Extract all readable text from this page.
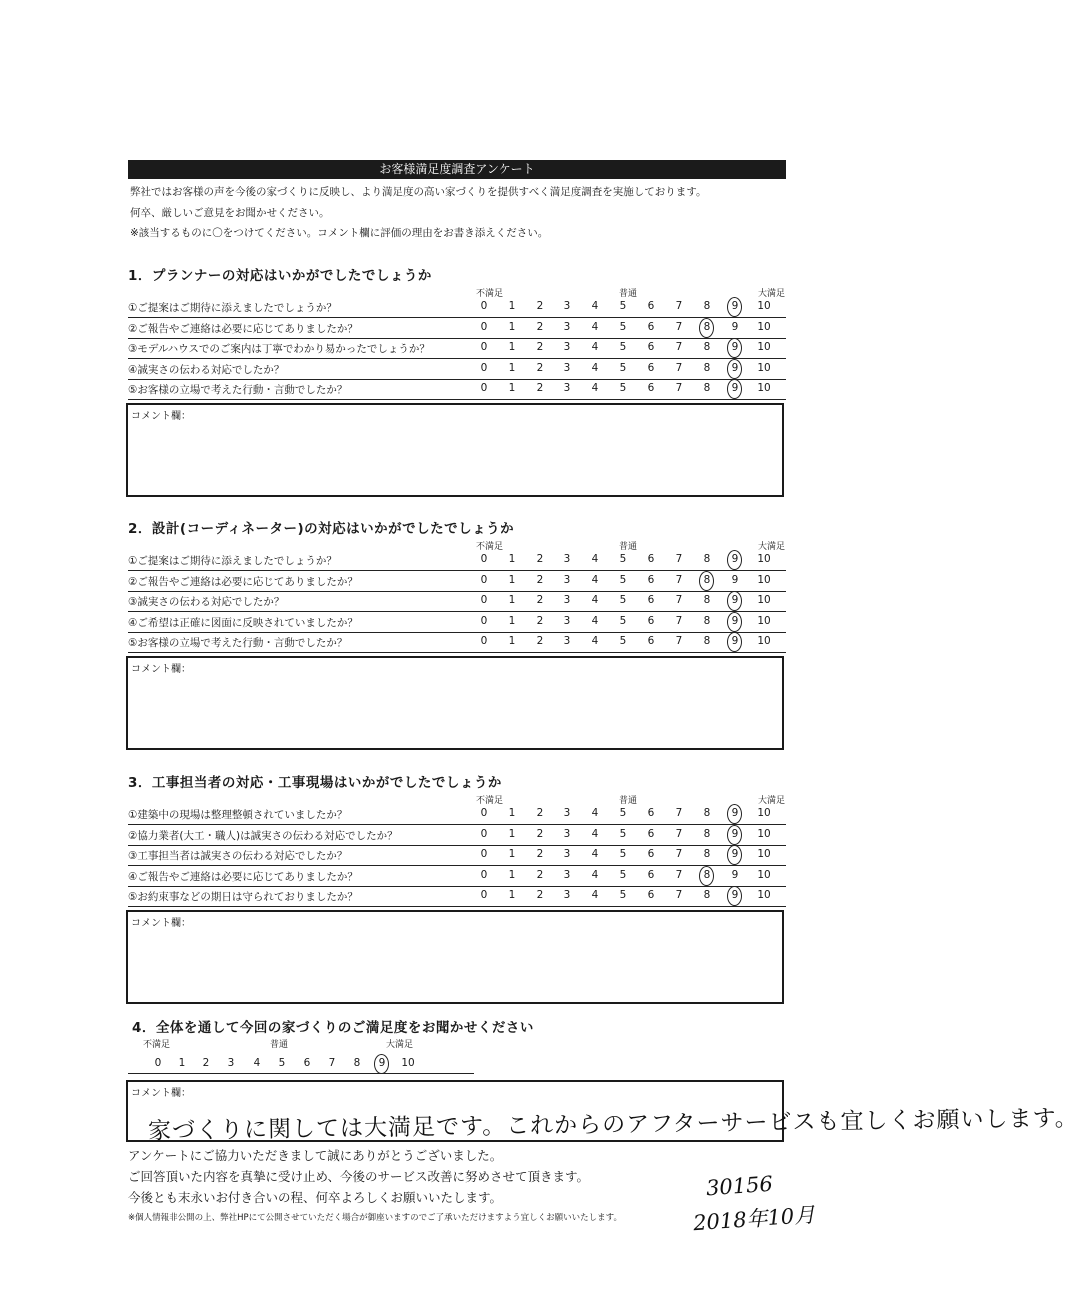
お客様満足度調査アンケート
弊社ではお客様の声を今後の家づくりに反映し、より満足度の高い家づくりを提供すべく満足度調査を実施しております。
何卒、厳しいご意見をお聞かせください。
※該当するものに〇をつけてください。コメント欄に評価の理由をお書き添えください。
1．プランナーの対応はいかがでしたでしょうか
不満足	普通	大満足
①ご提案はご期待に添えましたでしょうか？	0	1	2	3	4	5	6	7	8	9	10
②ご報告やご連絡は必要に応じてありましたか？	0	1	2	3	4	5	6	7	8	9	10
③モデルハウスでのご案内は丁寧でわかり易かったでしょうか？	0	1	2	3	4	5	6	7	8	9	10
④誠実さの伝わる対応でしたか？	0	1	2	3	4	5	6	7	8	9	10
⑤お客様の立場で考えた行動・言動でしたか？	0	1	2	3	4	5	6	7	8	9	10
コメント欄：
2．設計(コーディネーター)の対応はいかがでしたでしょうか
不満足	普通	大満足
①ご提案はご期待に添えましたでしょうか？	0	1	2	3	4	5	6	7	8	9	10
②ご報告やご連絡は必要に応じてありましたか？	0	1	2	3	4	5	6	7	8	9	10
③誠実さの伝わる対応でしたか？	0	1	2	3	4	5	6	7	8	9	10
④ご希望は正確に図面に反映されていましたか？	0	1	2	3	4	5	6	7	8	9	10
⑤お客様の立場で考えた行動・言動でしたか？	0	1	2	3	4	5	6	7	8	9	10
コメント欄：
3．工事担当者の対応・工事現場はいかがでしたでしょうか
不満足	普通	大満足
①建築中の現場は整理整頓されていましたか？	0	1	2	3	4	5	6	7	8	9	10
②協力業者(大工・職人)は誠実さの伝わる対応でしたか？	0	1	2	3	4	5	6	7	8	9	10
③工事担当者は誠実さの伝わる対応でしたか？	0	1	2	3	4	5	6	7	8	9	10
④ご報告やご連絡は必要に応じてありましたか？	0	1	2	3	4	5	6	7	8	9	10
⑤お約束事などの期日は守られておりましたか？	0	1	2	3	4	5	6	7	8	9	10
コメント欄：
4．全体を通して今回の家づくりのご満足度をお聞かせください
不満足	普通	大満足
0	1	2	3	4	5	6	7	8	9	10
コメント欄：
家づくりに関しては大満足です。これからのアフターサービスも宜しくお願いします。
アンケートにご協力いただきまして誠にありがとうございました。
ご回答頂いた内容を真摯に受け止め、今後のサービス改善に努めさせて頂きます。
今後とも末永いお付き合いの程、何卒よろしくお願いいたします。
※個人情報非公開の上、弊社HPにて公開させていただく場合が御座いますのでご了承いただけますよう宜しくお願いいたします。
30156
2018年10月
